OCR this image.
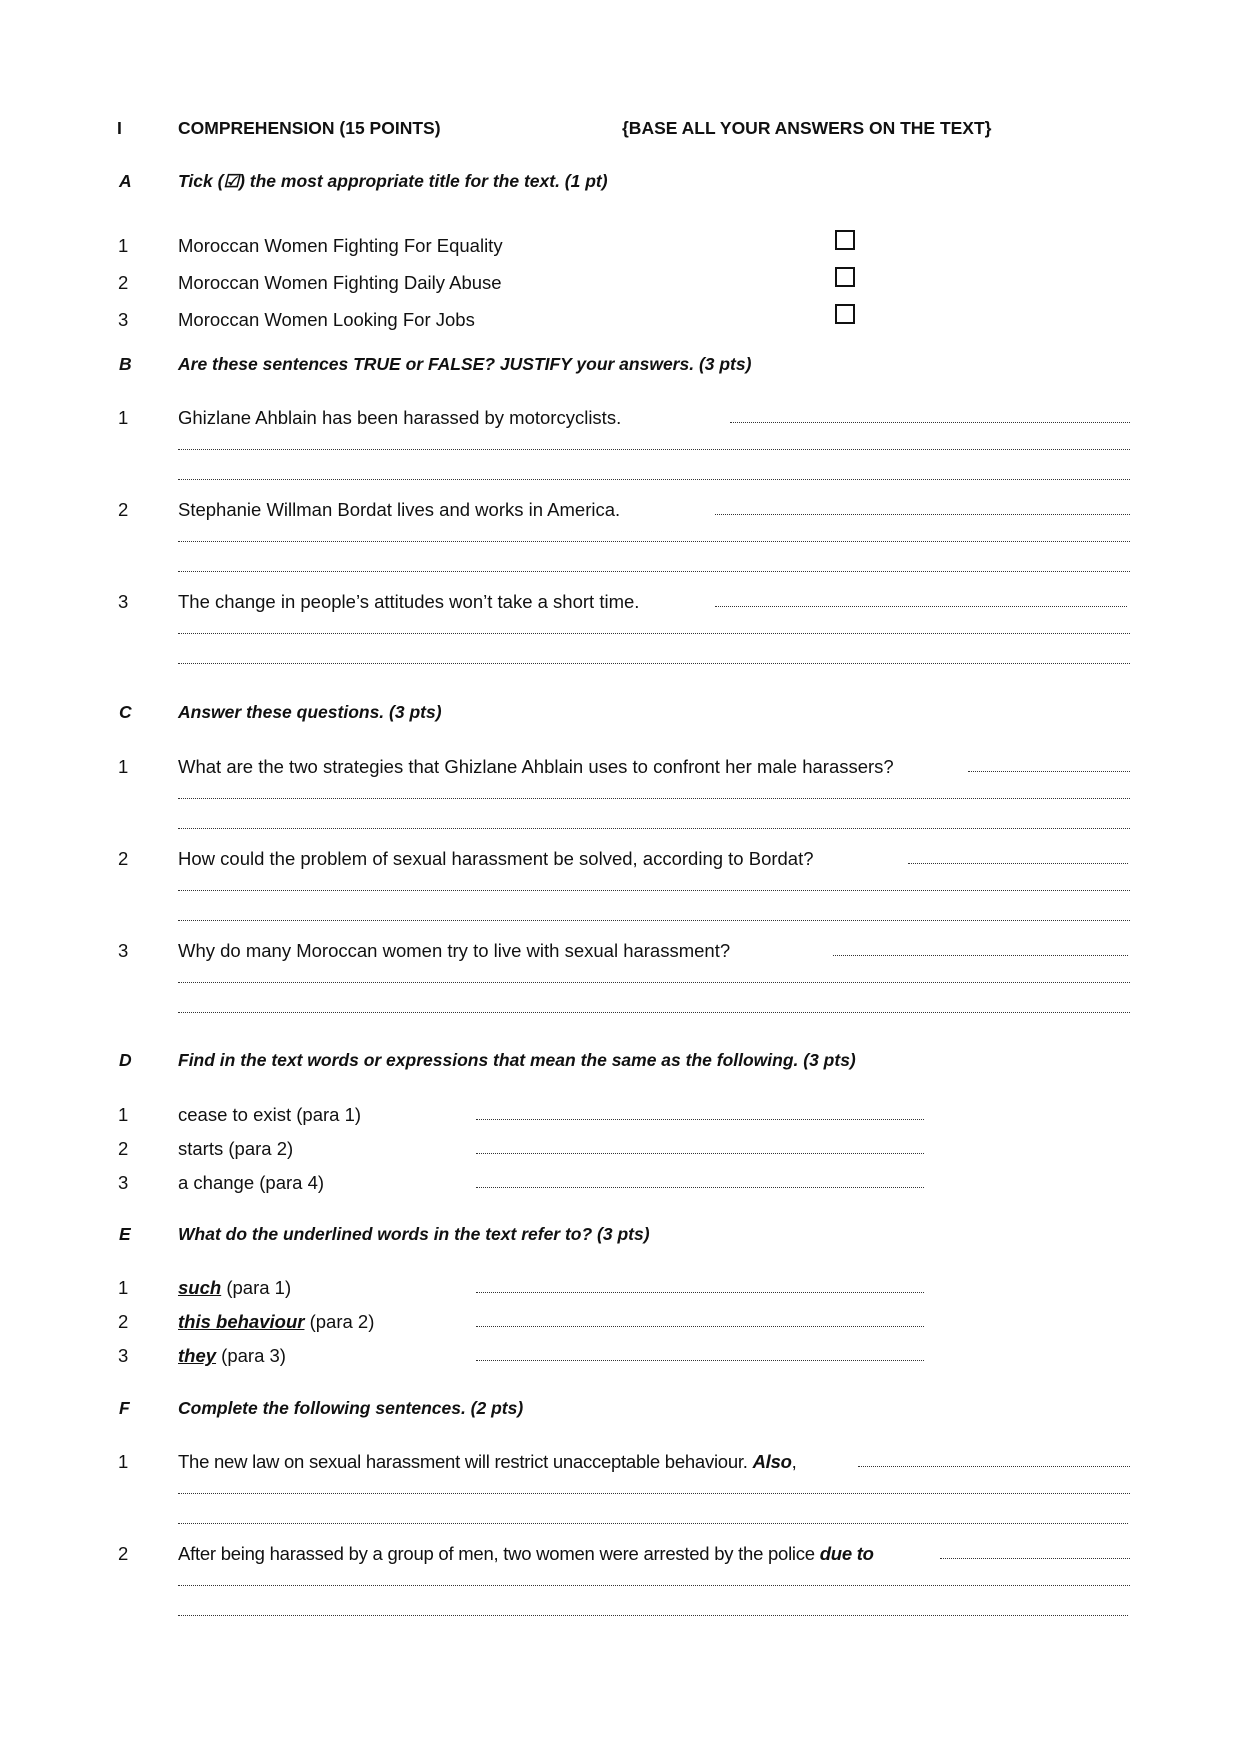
I	COMPREHENSION (15 POINTS)	{BASE ALL YOUR ANSWERS ON THE TEXT}
A	Tick (☑) the most appropriate title for the text. (1 pt)
1	Moroccan Women Fighting For Equality
2	Moroccan Women Fighting Daily Abuse
3	Moroccan Women Looking For Jobs
B	Are these sentences TRUE or FALSE? JUSTIFY your answers. (3 pts)
1	Ghizlane Ahblain has been harassed by motorcyclists.
2	Stephanie Willman Bordat lives and works in America.
3	The change in people’s attitudes won’t take a short time.
C	Answer these questions. (3 pts)
1	What are the two strategies that Ghizlane Ahblain uses to confront her male harassers?
2	How could the problem of sexual harassment be solved, according to Bordat?
3	Why do many Moroccan women try to live with sexual harassment?
D	Find in the text words or expressions that mean the same as the following. (3 pts)
1	cease to exist (para 1)
2	starts (para 2)
3	a change (para 4)
E	What do the underlined words in the text refer to? (3 pts)
1	such (para 1)
2	this behaviour (para 2)
3	they (para 3)
F	Complete the following sentences. (2 pts)
1	The new law on sexual harassment will restrict unacceptable behaviour. Also,
2	After being harassed by a group of men, two women were arrested by the police due to
